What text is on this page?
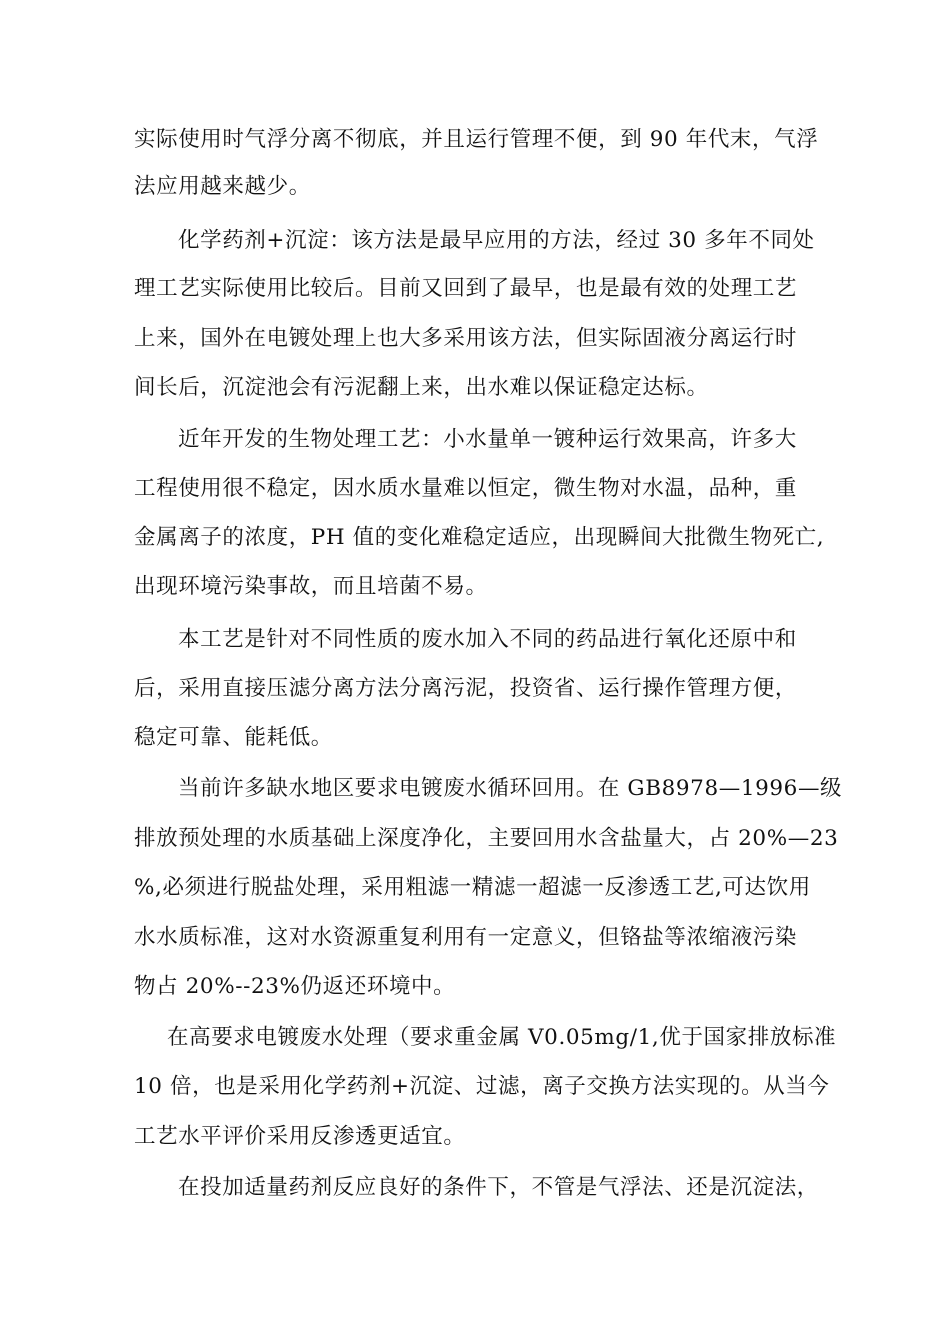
实际使用时气浮分离不彻底，并且运行管理不便，到 90 年代末，气浮
法应用越来越少。
化学药剂+沉淀：该方法是最早应用的方法，经过 30 多年不同处
理工艺实际使用比较后。目前又回到了最早，也是最有效的处理工艺
上来，国外在电镀处理上也大多采用该方法，但实际固液分离运行时
间长后，沉淀池会有污泥翻上来，出水难以保证稳定达标。
近年开发的生物处理工艺：小水量单一镀种运行效果高，许多大
工程使用很不稳定，因水质水量难以恒定，微生物对水温，品种，重
金属离子的浓度，PH 值的变化难稳定适应，出现瞬间大批微生物死亡,
出现环境污染事故，而且培菌不易。
本工艺是针对不同性质的废水加入不同的药品进行氧化还原中和
后，采用直接压滤分离方法分离污泥，投资省、运行操作管理方便，
稳定可靠、能耗低。
当前许多缺水地区要求电镀废水循环回用。在 GB8978—1996—级
排放预处理的水质基础上深度净化，主要回用水含盐量大，占 20%—23
%,必须进行脱盐处理，采用粗滤一精滤一超滤一反渗透工艺,可达饮用
水水质标准，这对水资源重复利用有一定意义，但铬盐等浓缩液污染
物占 20%--23%仍返还环境中。
在高要求电镀废水处理（要求重金属 V0.05mg/1,优于国家排放标准
10 倍，也是采用化学药剂+沉淀、过滤，离子交换方法实现的。从当今
工艺水平评价采用反渗透更适宜。
在投加适量药剂反应良好的条件下，不管是气浮法、还是沉淀法，
